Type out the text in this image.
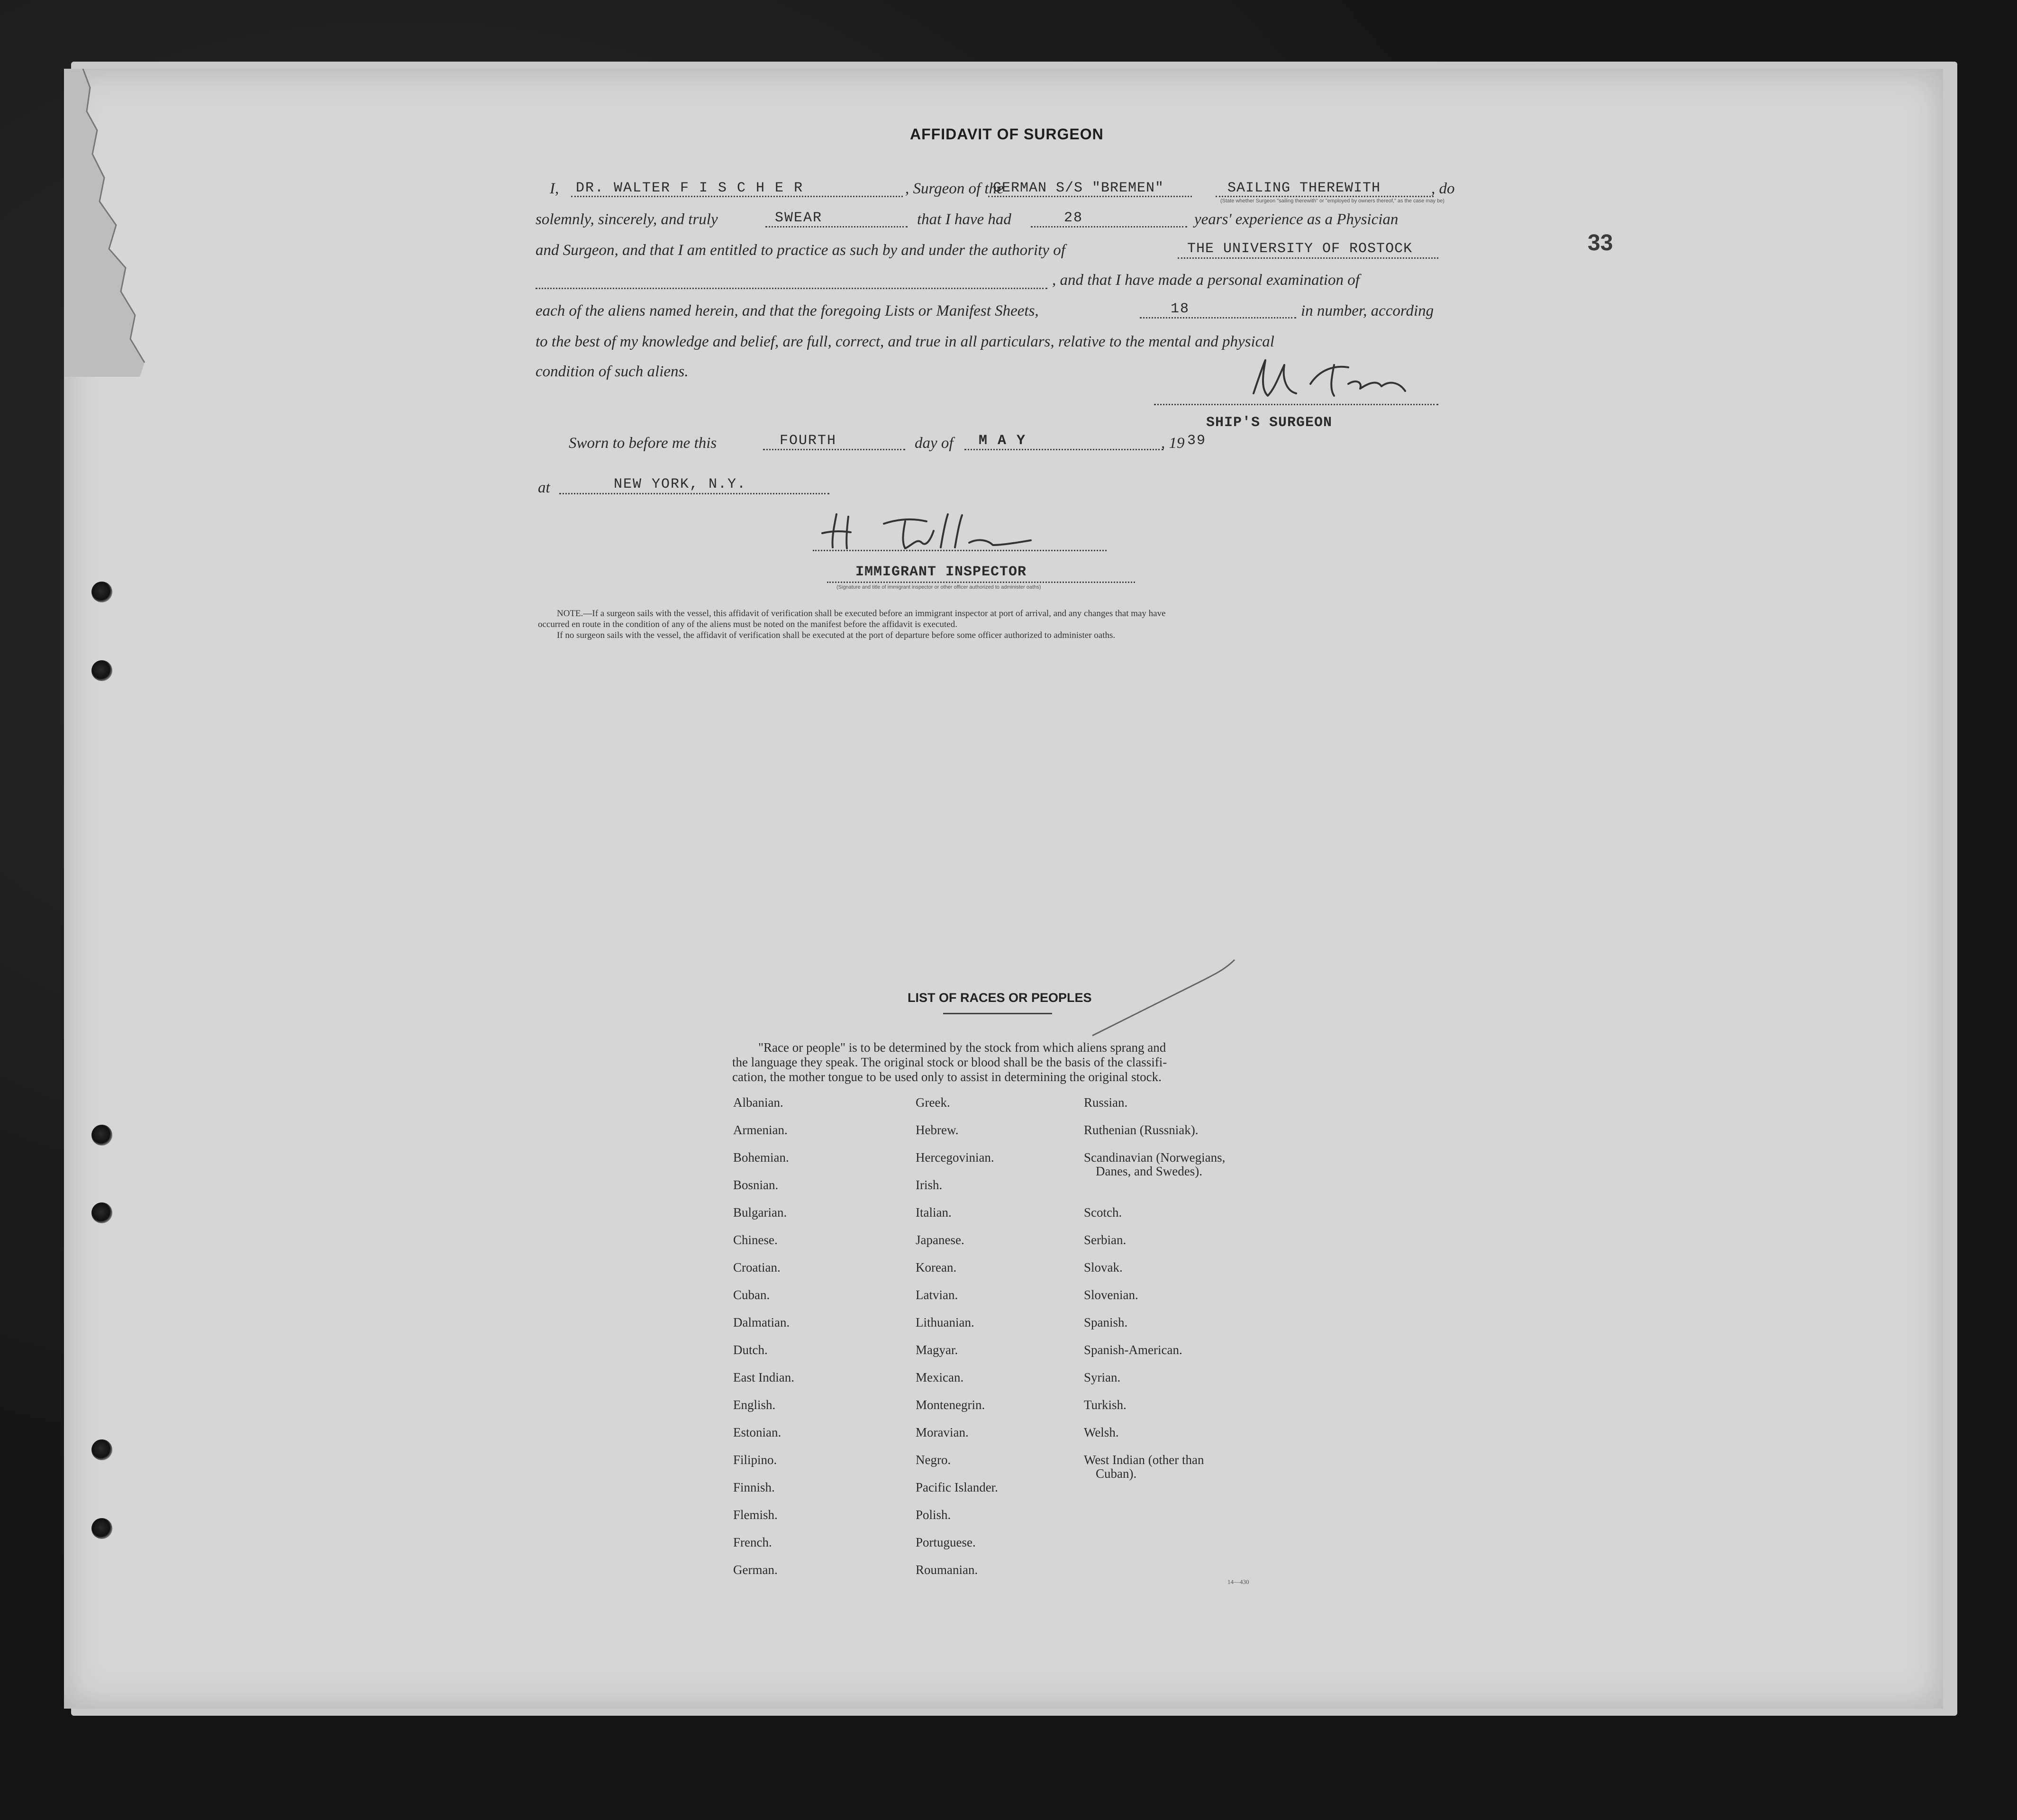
33
AFFIDAVIT OF SURGEON
I, DR. WALTER F I S C H E R	, Surgeon of the
GERMAN S/S "BREMEN"	SAILING THEREWITH	, do
(State whether Surgeon "sailing therewith" or "employed by owners thereof," as the case may be)
solemnly, sincerely, and truly	SWEAR	that I have had	28	years' experience as a Physician
and Surgeon, and that I am entitled to practice as such by and under the authority of	THE UNIVERSITY OF ROSTOCK
, and that I have made a personal examination of
each of the aliens named herein, and that the foregoing Lists or Manifest Sheets,	18	in number, according
to the best of my knowledge and belief, are full, correct, and true in all particulars, relative to the mental and physical
condition of such aliens.
SHIP'S SURGEON
Sworn to before me this	FOURTH	day of M A Y	, 19 39
at	NEW YORK, N.Y.
IMMIGRANT INSPECTOR
(Signature and title of immigrant inspector or other officer authorized to administer oaths)
NOTE.—If a surgeon sails with the vessel, this affidavit of verification shall be executed before an immigrant inspector at port of arrival, and any changes that may have
occurred en route in the condition of any of the aliens must be noted on the manifest before the affidavit is executed.
If no surgeon sails with the vessel, the affidavit of verification shall be executed at the port of departure before some officer authorized to administer oaths.
LIST OF RACES OR PEOPLES
"Race or people" is to be determined by the stock from which aliens sprang and
the language they speak. The original stock or blood shall be the basis of the classifi-
cation, the mother tongue to be used only to assist in determining the original stock.
Albanian.
Armenian.
Bohemian.
Bosnian.
Bulgarian.
Chinese.
Croatian.
Cuban.
Dalmatian.
Dutch.
East Indian.
English.
Estonian.
Filipino.
Finnish.
Flemish.
French.
German.
Greek.
Hebrew.
Hercegovinian.
Irish.
Italian.
Japanese.
Korean.
Latvian.
Lithuanian.
Magyar.
Mexican.
Montenegrin.
Moravian.
Negro.
Pacific Islander.
Polish.
Portuguese.
Roumanian.
Russian.
Ruthenian (Russniak).
Scandinavian (Norwegians,
Danes, and Swedes).
Scotch.
Serbian.
Slovak.
Slovenian.
Spanish.
Spanish-American.
Syrian.
Turkish.
Welsh.
West Indian (other than
Cuban).
14—430
